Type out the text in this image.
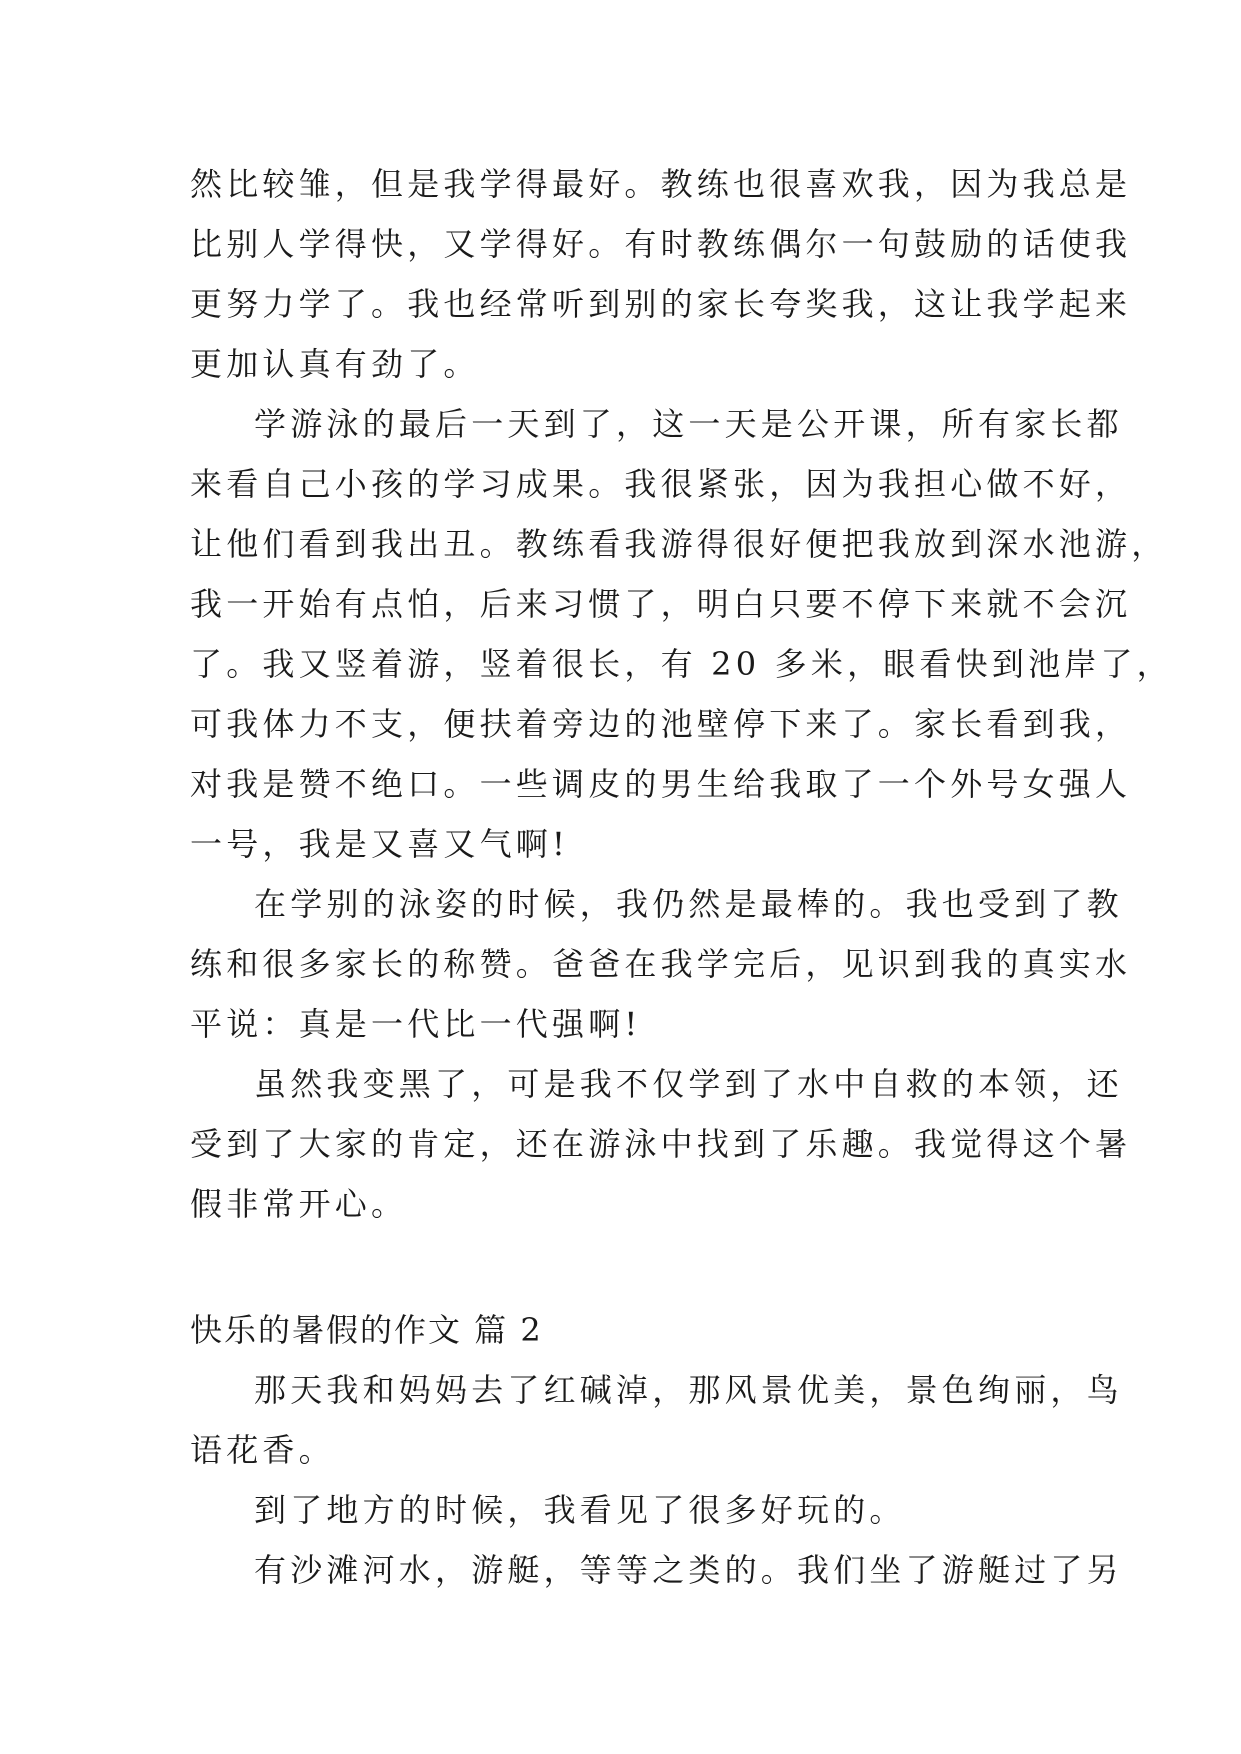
然比较雏，但是我学得最好。教练也很喜欢我，因为我总是
比别人学得快，又学得好。有时教练偶尔一句鼓励的话使我
更努力学了。我也经常听到别的家长夸奖我，这让我学起来
更加认真有劲了。
学游泳的最后一天到了，这一天是公开课，所有家长都
来看自己小孩的学习成果。我很紧张，因为我担心做不好，
让他们看到我出丑。教练看我游得很好便把我放到深水池游，
我一开始有点怕，后来习惯了，明白只要不停下来就不会沉
了。我又竖着游，竖着很长，有 20 多米，眼看快到池岸了，
可我体力不支，便扶着旁边的池壁停下来了。家长看到我，
对我是赞不绝口。一些调皮的男生给我取了一个外号女强人
一号，我是又喜又气啊!
在学别的泳姿的时候，我仍然是最棒的。我也受到了教
练和很多家长的称赞。爸爸在我学完后，见识到我的真实水
平说：真是一代比一代强啊!
虽然我变黑了，可是我不仅学到了水中自救的本领，还
受到了大家的肯定，还在游泳中找到了乐趣。我觉得这个暑
假非常开心。
快乐的暑假的作文 篇 2
那天我和妈妈去了红碱淖，那风景优美，景色绚丽，鸟
语花香。
到了地方的时候，我看见了很多好玩的。
有沙滩河水，游艇，等等之类的。我们坐了游艇过了另
